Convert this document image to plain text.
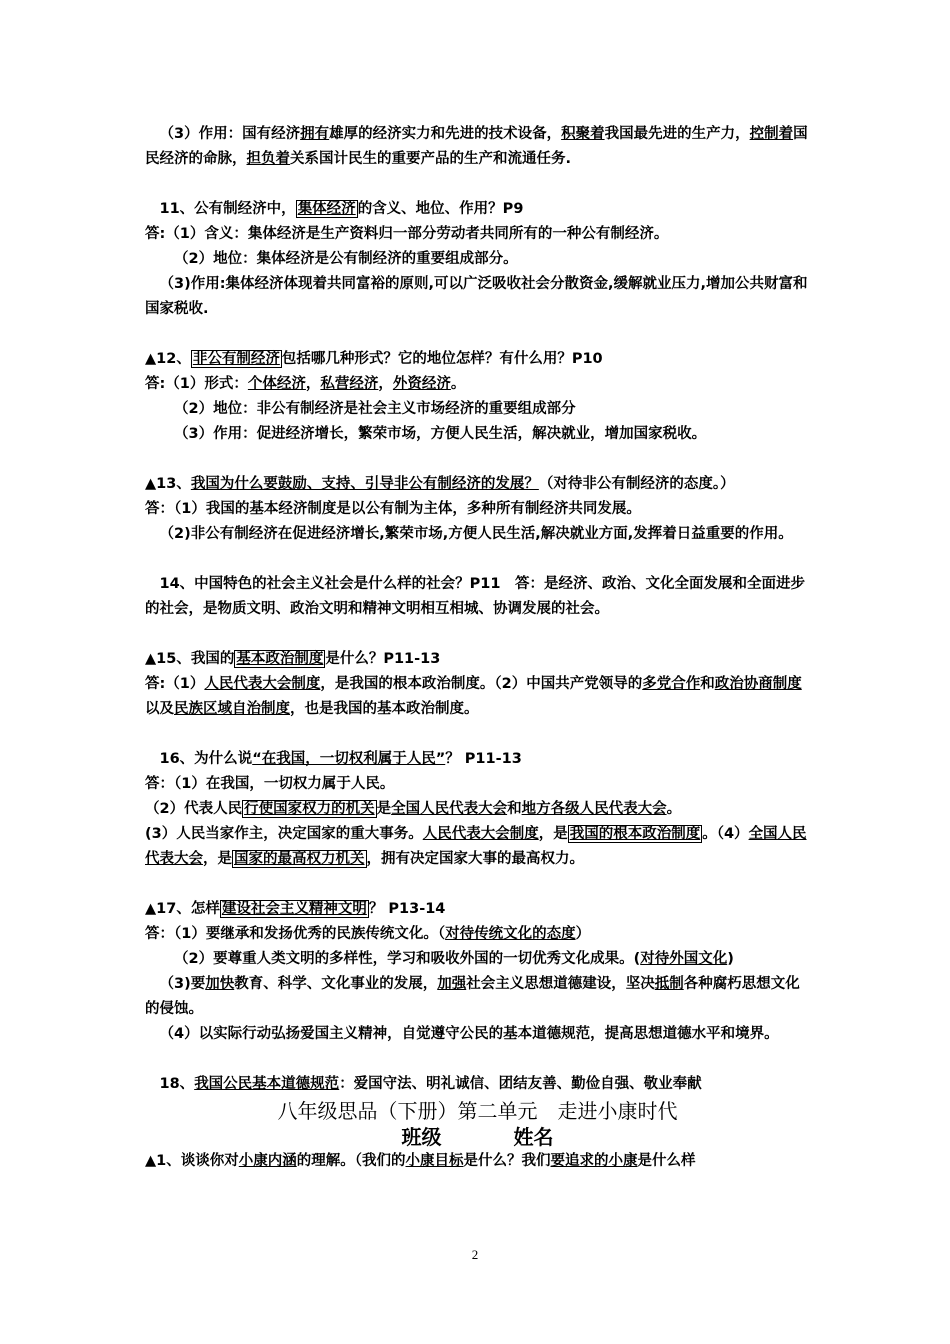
（3）作用：国有经济拥有雄厚的经济实力和先进的技术设备，积聚着我国最先进的生产力，控制着国民经济的命脉，担负着关系国计民生的重要产品的生产和流通任务.

11、公有制经济中， 集体经济 的含义、地位、作用？P9

答:（1）含义：集体经济是生产资料归一部分劳动者共同所有的一种公有制经济。

（2）地位：集体经济是公有制经济的重要组成部分。

（3)作用:集体经济体现着共同富裕的原则,可以广泛吸收社会分散资金,缓解就业压力,增加公共财富和国家税收.

▲12、 非公有制经济 包括哪几种形式？它的地位怎样？有什么用？P10

答:（1）形式：个体经济，私营经济，外资经济。

（2）地位：非公有制经济是社会主义市场经济的重要组成部分

（3）作用：促进经济增长，繁荣市场，方便人民生活，解决就业，增加国家税收。

▲13、我国为什么要鼓励、支持、引导非公有制经济的发展？（对待非公有制经济的态度。）

答：（1）我国的基本经济制度是以公有制为主体，多种所有制经济共同发展。

（2)非公有制经济在促进经济增长,繁荣市场,方便人民生活,解决就业方面,发挥着日益重要的作用。

14、中国特色的社会主义社会是什么样的社会？P11　答：是经济、政治、文化全面发展和全面进步的社会，是物质文明、政治文明和精神文明相互相城、协调发展的社会。

▲15、我国的 基本政治制度 是什么？P11-13

答:（1）人民代表大会制度，是我国的根本政治制度。（2）中国共产党领导的多党合作和政治协商制度以及民族区域自治制度，也是我国的基本政治制度。

16、为什么说“在我国，一切权利属于人民”？ P11-13

答：（1）在我国，一切权力属于人民。

（2）代表人民 行使国家权力的机关 是全国人民代表大会和地方各级人民代表大会。

(3）人民当家作主，决定国家的重大事务。人民代表大会制度，是 我国的根本政治制度 。（4）全国人民代表大会，是 国家的最高权力机关 ，拥有决定国家大事的最高权力。

▲17、怎样 建设社会主义精神文明 ？ P13-14

答：（1）要继承和发扬优秀的民族传统文化。（对待传统文化的态度）

（2）要尊重人类文明的多样性，学习和吸收外国的一切优秀文化成果。(对待外国文化)

（3)要加快教育、科学、文化事业的发展，加强社会主义思想道德建设，坚决抵制各种腐朽思想文化的侵蚀。

（4）以实际行动弘扬爱国主义精神，自觉遵守公民的基本道德规范，提高思想道德水平和境界。

18、我国公民基本道德规范：爱国守法、明礼诚信、团结友善、勤俭自强、敬业奉献

八年级思品（下册）第二单元　走进小康时代

班级	姓名

▲1、谈谈你对小康内涵的理解。（我们的小康目标是什么？我们要追求的小康是什么样

2
